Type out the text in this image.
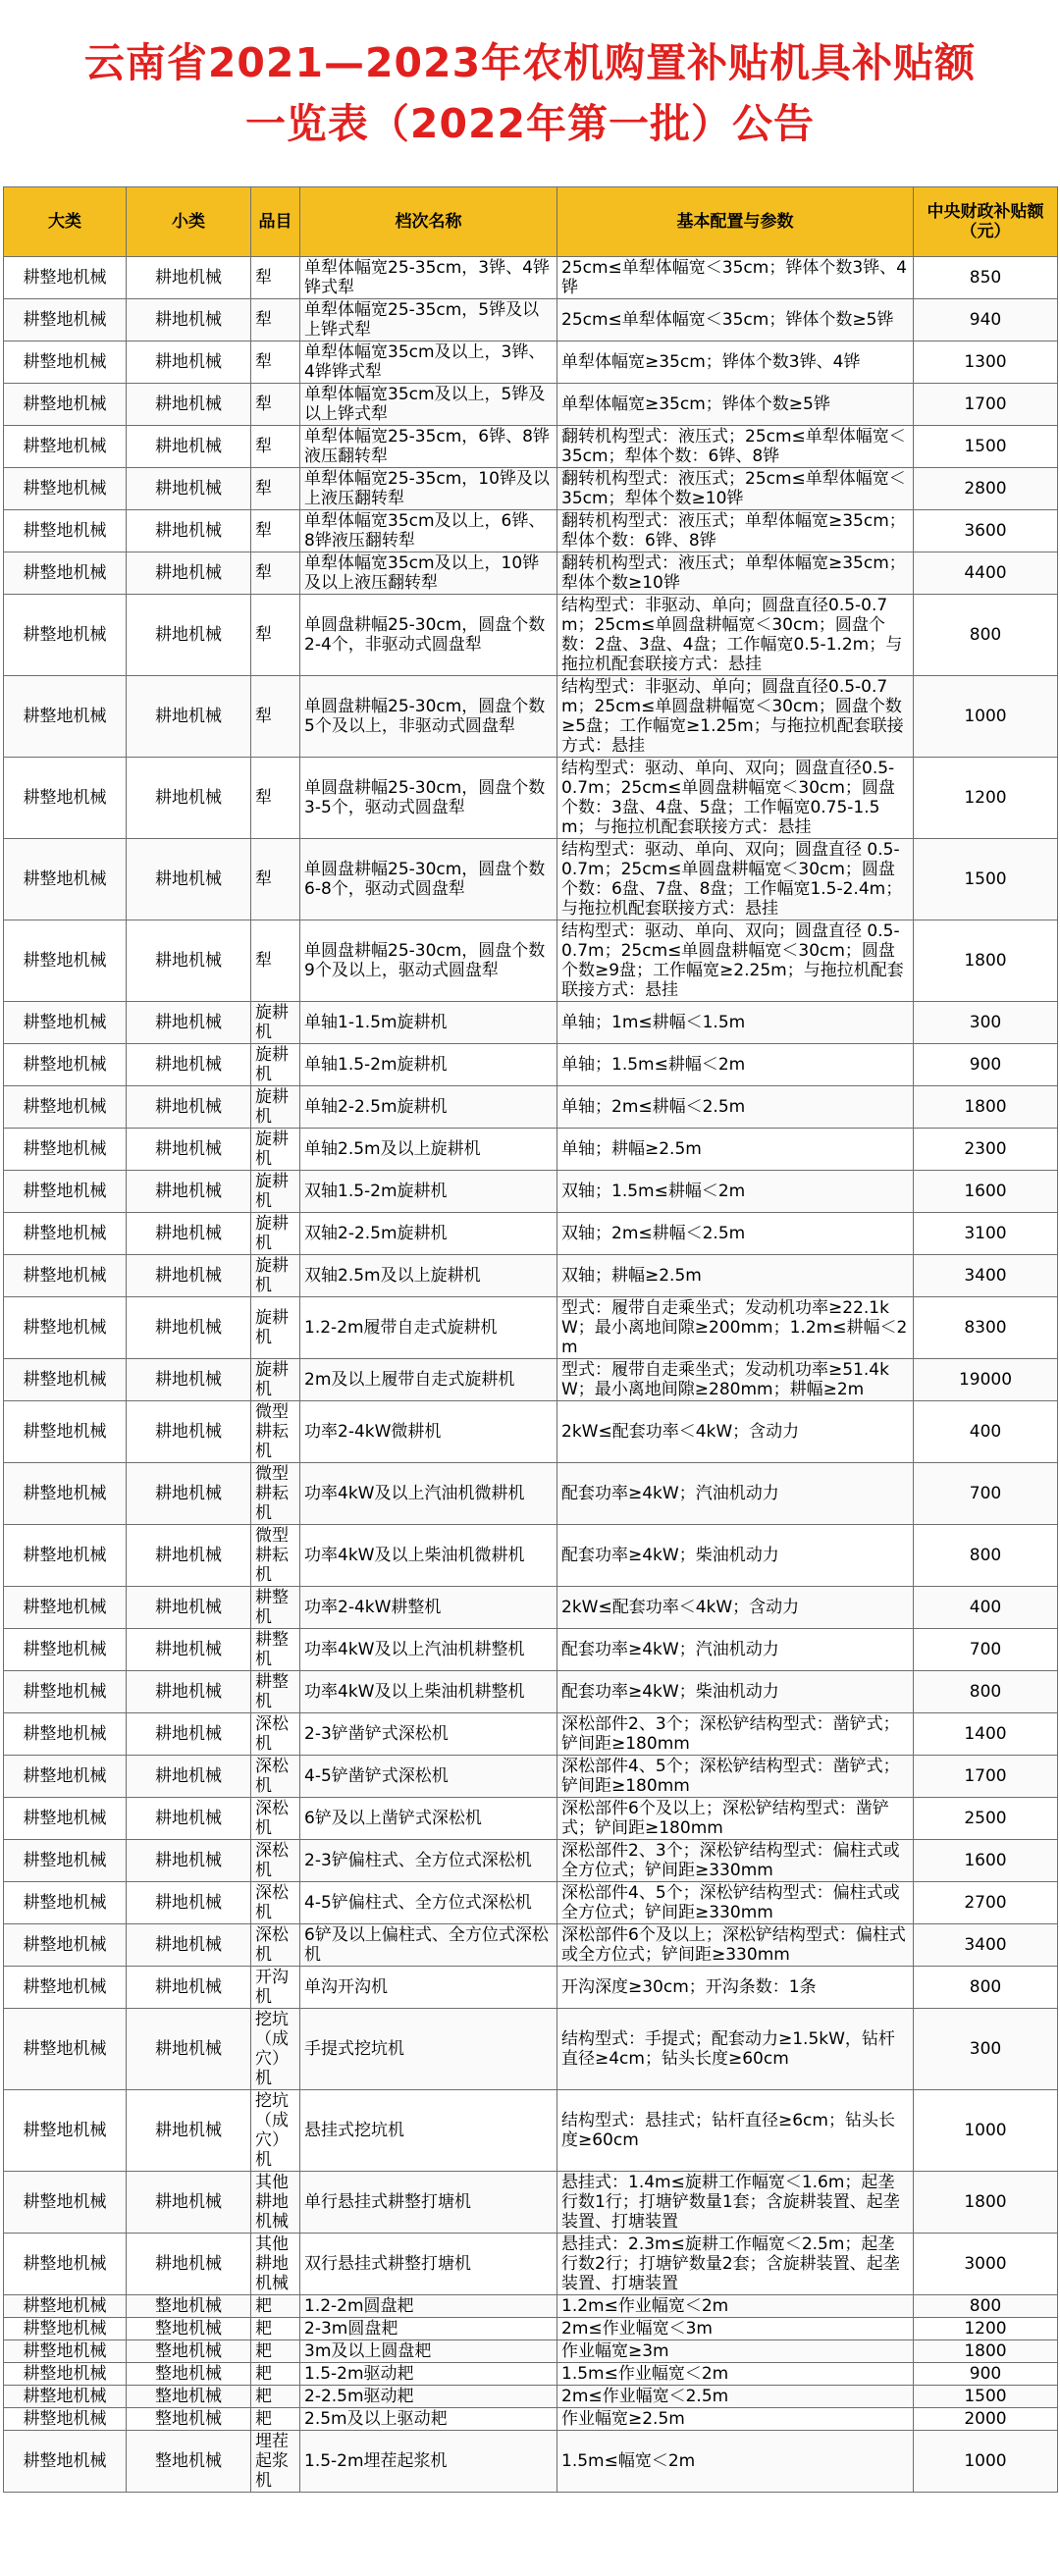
云南省2021—2023年农机购置补贴机具补贴额
一览表（2022年第一批）公告
大类	小类	品目	档次名称	基本配置与参数	中央财政补贴额（元）
耕整地机械	耕地机械	犁	单犁体幅宽25-35cm，3铧、4铧铧式犁	25cm≤单犁体幅宽＜35cm；铧体个数3铧、4铧	850
耕整地机械	耕地机械	犁	单犁体幅宽25-35cm，5铧及以上铧式犁	25cm≤单犁体幅宽＜35cm；铧体个数≥5铧	940
耕整地机械	耕地机械	犁	单犁体幅宽35cm及以上，3铧、4铧铧式犁	单犁体幅宽≥35cm；铧体个数3铧、4铧	1300
耕整地机械	耕地机械	犁	单犁体幅宽35cm及以上，5铧及以上铧式犁	单犁体幅宽≥35cm；铧体个数≥5铧	1700
耕整地机械	耕地机械	犁	单犁体幅宽25-35cm，6铧、8铧液压翻转犁	翻转机构型式：液压式；25cm≤单犁体幅宽＜35cm；犁体个数：6铧、8铧	1500
耕整地机械	耕地机械	犁	单犁体幅宽25-35cm，10铧及以上液压翻转犁	翻转机构型式：液压式；25cm≤单犁体幅宽＜35cm；犁体个数≥10铧	2800
耕整地机械	耕地机械	犁	单犁体幅宽35cm及以上，6铧、8铧液压翻转犁	翻转机构型式：液压式；单犁体幅宽≥35cm；犁体个数：6铧、8铧	3600
耕整地机械	耕地机械	犁	单犁体幅宽35cm及以上，10铧及以上液压翻转犁	翻转机构型式：液压式；单犁体幅宽≥35cm；犁体个数≥10铧	4400
耕整地机械	耕地机械	犁	单圆盘耕幅25-30cm，圆盘个数2-4个，非驱动式圆盘犁	结构型式：非驱动、单向；圆盘直径0.5-0.7m；25cm≤单圆盘耕幅宽＜30cm；圆盘个数：2盘、3盘、4盘；工作幅宽0.5-1.2m；与拖拉机配套联接方式：悬挂	800
耕整地机械	耕地机械	犁	单圆盘耕幅25-30cm，圆盘个数5个及以上，非驱动式圆盘犁	结构型式：非驱动、单向；圆盘直径0.5-0.7m；25cm≤单圆盘耕幅宽＜30cm；圆盘个数≥5盘；工作幅宽≥1.25m；与拖拉机配套联接方式：悬挂	1000
耕整地机械	耕地机械	犁	单圆盘耕幅25-30cm，圆盘个数3-5个，驱动式圆盘犁	结构型式：驱动、单向、双向；圆盘直径0.5-0.7m；25cm≤单圆盘耕幅宽＜30cm；圆盘个数：3盘、4盘、5盘；工作幅宽0.75-1.5m；与拖拉机配套联接方式：悬挂	1200
耕整地机械	耕地机械	犁	单圆盘耕幅25-30cm，圆盘个数6-8个，驱动式圆盘犁	结构型式：驱动、单向、双向；圆盘直径 0.5-0.7m；25cm≤单圆盘耕幅宽＜30cm；圆盘个数：6盘、7盘、8盘；工作幅宽1.5-2.4m；与拖拉机配套联接方式：悬挂	1500
耕整地机械	耕地机械	犁	单圆盘耕幅25-30cm，圆盘个数9个及以上，驱动式圆盘犁	结构型式：驱动、单向、双向；圆盘直径 0.5-0.7m；25cm≤单圆盘耕幅宽＜30cm；圆盘个数≥9盘；工作幅宽≥2.25m；与拖拉机配套联接方式：悬挂	1800
耕整地机械	耕地机械	旋耕机	单轴1-1.5m旋耕机	单轴；1m≤耕幅＜1.5m	300
耕整地机械	耕地机械	旋耕机	单轴1.5-2m旋耕机	单轴；1.5m≤耕幅＜2m	900
耕整地机械	耕地机械	旋耕机	单轴2-2.5m旋耕机	单轴；2m≤耕幅＜2.5m	1800
耕整地机械	耕地机械	旋耕机	单轴2.5m及以上旋耕机	单轴；耕幅≥2.5m	2300
耕整地机械	耕地机械	旋耕机	双轴1.5-2m旋耕机	双轴；1.5m≤耕幅＜2m	1600
耕整地机械	耕地机械	旋耕机	双轴2-2.5m旋耕机	双轴；2m≤耕幅＜2.5m	3100
耕整地机械	耕地机械	旋耕机	双轴2.5m及以上旋耕机	双轴；耕幅≥2.5m	3400
耕整地机械	耕地机械	旋耕机	1.2-2m履带自走式旋耕机	型式：履带自走乘坐式；发动机功率≥22.1kW；最小离地间隙≥200mm；1.2m≤耕幅＜2m	8300
耕整地机械	耕地机械	旋耕机	2m及以上履带自走式旋耕机	型式：履带自走乘坐式；发动机功率≥51.4kW；最小离地间隙≥280mm；耕幅≥2m	19000
耕整地机械	耕地机械	微型耕耘机	功率2-4kW微耕机	2kW≤配套功率＜4kW；含动力	400
耕整地机械	耕地机械	微型耕耘机	功率4kW及以上汽油机微耕机	配套功率≥4kW；汽油机动力	700
耕整地机械	耕地机械	微型耕耘机	功率4kW及以上柴油机微耕机	配套功率≥4kW；柴油机动力	800
耕整地机械	耕地机械	耕整机	功率2-4kW耕整机	2kW≤配套功率＜4kW；含动力	400
耕整地机械	耕地机械	耕整机	功率4kW及以上汽油机耕整机	配套功率≥4kW；汽油机动力	700
耕整地机械	耕地机械	耕整机	功率4kW及以上柴油机耕整机	配套功率≥4kW；柴油机动力	800
耕整地机械	耕地机械	深松机	2-3铲凿铲式深松机	深松部件2、3个；深松铲结构型式：凿铲式；铲间距≥180mm	1400
耕整地机械	耕地机械	深松机	4-5铲凿铲式深松机	深松部件4、5个；深松铲结构型式：凿铲式；铲间距≥180mm	1700
耕整地机械	耕地机械	深松机	6铲及以上凿铲式深松机	深松部件6个及以上；深松铲结构型式：凿铲式；铲间距≥180mm	2500
耕整地机械	耕地机械	深松机	2-3铲偏柱式、全方位式深松机	深松部件2、3个；深松铲结构型式：偏柱式或全方位式；铲间距≥330mm	1600
耕整地机械	耕地机械	深松机	4-5铲偏柱式、全方位式深松机	深松部件4、5个；深松铲结构型式：偏柱式或全方位式；铲间距≥330mm	2700
耕整地机械	耕地机械	深松机	6铲及以上偏柱式、全方位式深松机	深松部件6个及以上；深松铲结构型式：偏柱式或全方位式；铲间距≥330mm	3400
耕整地机械	耕地机械	开沟机	单沟开沟机	开沟深度≥30cm；开沟条数：1条	800
耕整地机械	耕地机械	挖坑（成穴）机	手提式挖坑机	结构型式：手提式；配套动力≥1.5kW，钻杆直径≥4cm；钻头长度≥60cm	300
耕整地机械	耕地机械	挖坑（成穴）机	悬挂式挖坑机	结构型式：悬挂式；钻杆直径≥6cm；钻头长度≥60cm	1000
耕整地机械	耕地机械	其他耕地机械	单行悬挂式耕整打塘机	悬挂式：1.4m≤旋耕工作幅宽＜1.6m；起垄行数1行；打塘铲数量1套；含旋耕装置、起垄装置、打塘装置	1800
耕整地机械	耕地机械	其他耕地机械	双行悬挂式耕整打塘机	悬挂式：2.3m≤旋耕工作幅宽＜2.5m；起垄行数2行；打塘铲数量2套；含旋耕装置、起垄装置、打塘装置	3000
耕整地机械	整地机械	耙	1.2-2m圆盘耙	1.2m≤作业幅宽＜2m	800
耕整地机械	整地机械	耙	2-3m圆盘耙	2m≤作业幅宽＜3m	1200
耕整地机械	整地机械	耙	3m及以上圆盘耙	作业幅宽≥3m	1800
耕整地机械	整地机械	耙	1.5-2m驱动耙	1.5m≤作业幅宽＜2m	900
耕整地机械	整地机械	耙	2-2.5m驱动耙	2m≤作业幅宽＜2.5m	1500
耕整地机械	整地机械	耙	2.5m及以上驱动耙	作业幅宽≥2.5m	2000
耕整地机械	整地机械	埋茬起浆机	1.5-2m埋茬起浆机	1.5m≤幅宽＜2m	1000
